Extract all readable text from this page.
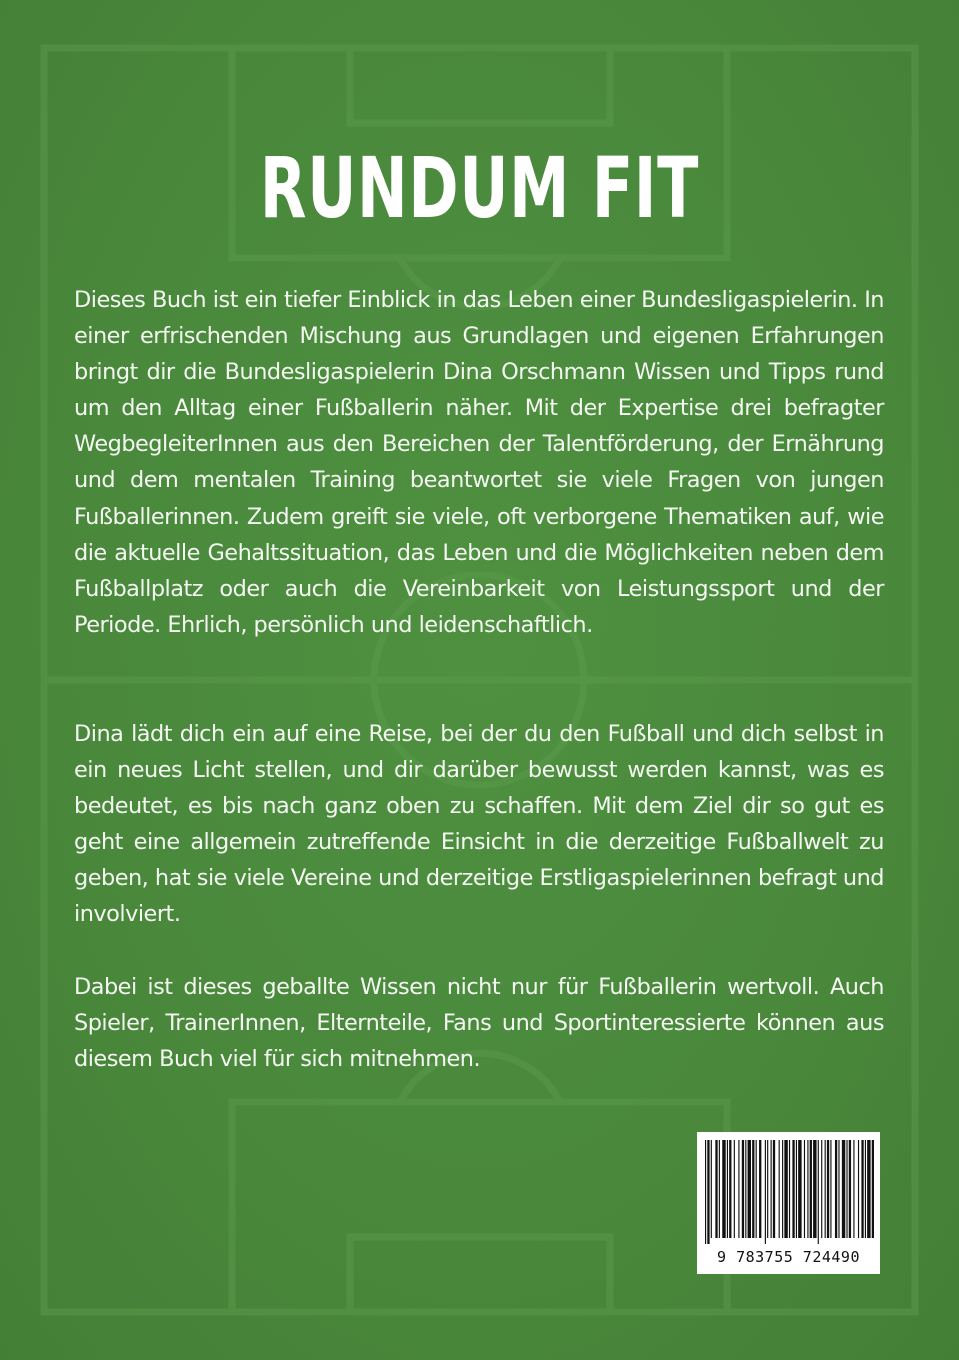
RUNDUM FIT
Dieses Buch ist ein tiefer Einblick in das Leben einer Bundesligaspielerin. In einer erfrischenden Mischung aus Grundlagen und eigenen Erfahrungen bringt dir die Bundesligaspielerin Dina Orschmann Wissen und Tipps rund um den Alltag einer Fußballerin näher. Mit der Expertise drei befragter WegbegleiterInnen aus den Bereichen der Talentförderung, der Ernährung und dem mentalen Training beantwortet sie viele Fragen von jungen Fußballerinnen. Zudem greift sie viele, oft verborgene Thematiken auf, wie die aktuelle Gehaltssituation, das Leben und die Möglichkeiten neben dem Fußballplatz oder auch die Vereinbarkeit von Leistungssport und der Periode. Ehrlich, persönlich und leidenschaftlich.
Dina lädt dich ein auf eine Reise, bei der du den Fußball und dich selbst in ein neues Licht stellen, und dir darüber bewusst werden kannst, was es bedeutet, es bis nach ganz oben zu schaffen. Mit dem Ziel dir so gut es geht eine allgemein zutreffende Einsicht in die derzeitige Fußballwelt zu geben, hat sie viele Vereine und derzeitige Erstligaspielerinnen befragt und involviert.
Dabei ist dieses geballte Wissen nicht nur für Fußballerin wertvoll. Auch Spieler, TrainerInnen, Elternteile, Fans und Sportinteressierte können aus diesem Buch viel für sich mitnehmen.
9 783755 724490
